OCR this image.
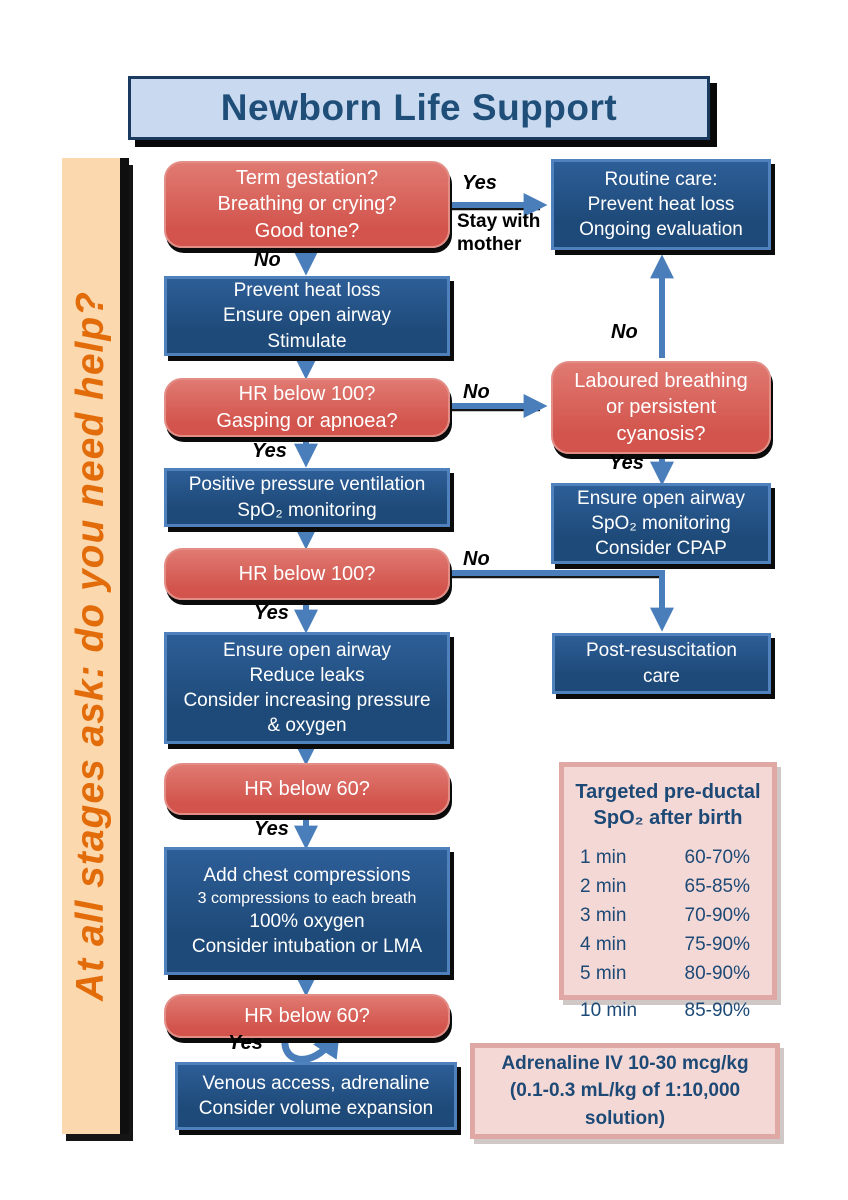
Newborn Life Support
At all stages ask: do you need help?
Term gestation?
Breathing or crying?
Good tone?
Prevent heat loss
Ensure open airway
Stimulate
HR below 100?
Gasping or apnoea?
Positive pressure ventilation
SpO₂ monitoring
HR below 100?
Ensure open airway
Reduce leaks
Consider increasing pressure
& oxygen
HR below 60?
Add chest compressions
3 compressions to each breath
100% oxygen
Consider intubation or LMA
HR below 60?
Venous access, adrenaline
Consider volume expansion
Routine care:
Prevent heat loss
Ongoing evaluation
Laboured breathing
or persistent
cyanosis?
Ensure open airway
SpO₂ monitoring
Consider CPAP
Post-resuscitation
care
Targeted pre-ductal
SpO₂ after birth
1 min	60-70%
2 min	65-85%
3 min	70-90%
4 min	75-90%
5 min	80-90%
10 min 85-90%
Adrenaline IV 10-30 mcg/kg
(0.1-0.3 mL/kg of 1:10,000
solution)
Yes
Stay with
mother
No
No
Yes
No
Yes
No
Yes
Yes
Yes
